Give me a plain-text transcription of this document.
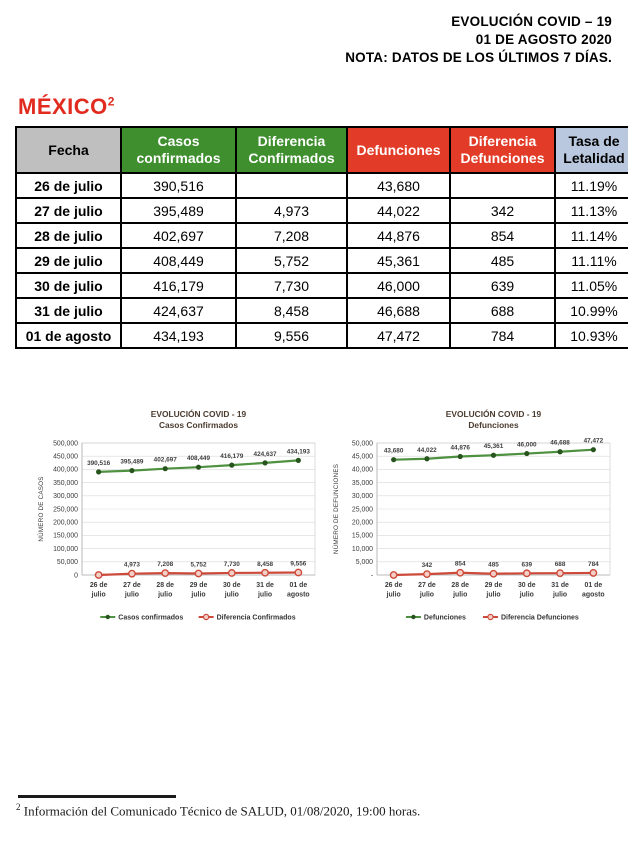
EVOLUCIÓN COVID – 19
01 DE AGOSTO 2020
NOTA: DATOS DE LOS ÚLTIMOS 7 DÍAS.
MÉXICO$^2$
Fecha	Casos confirmados	Diferencia Confirmados	Defunciones	Diferencia Defunciones	Tasa de Letalidad
26 de julio	390,516		43,680		11.19%
27 de julio	395,489	4,973	44,022	342	11.13%
28 de julio	402,697	7,208	44,876	854	11.14%
29 de julio	408,449	5,752	45,361	485	11.11%
30 de julio	416,179	7,730	46,000	639	11.05%
31 de julio	424,637	8,458	46,688	688	10.99%
01 de agosto	434,193	9,556	47,472	784	10.93%
EVOLUCIÓN COVID - 19
Casos Confirmados
0
50,000
100,000
150,000
200,000
250,000
300,000
350,000
400,000
450,000
500,000
NÚMERO DE CASOS
26 de
julio
27 de
julio
28 de
julio
29 de
julio
30 de
julio
31 de
julio
01 de
agosto
390,516 395,489 402,697 408,449 416,179 424,637 434,193
4,973	7,208	5,752	7,730	8,458	9,556
Casos confirmados	Diferencia Confirmados
EVOLUCIÓN COVID - 19
Defunciones
-
5,000
10,000
15,000
20,000
25,000
30,000
35,000
40,000
45,000
50,000
NÚMERO DE DEFUNCIONES
26 de
julio
27 de
julio
28 de
julio
29 de
julio
30 de
julio
31 de
julio
01 de
agosto
43,680 44,022 44,876 45,361 46,000 46,688 47,472
342	854	485	639	688	784
Defunciones	Diferencia Defunciones
$^2$ Información del Comunicado Técnico de SALUD, 01/08/2020, 19:00 horas.
